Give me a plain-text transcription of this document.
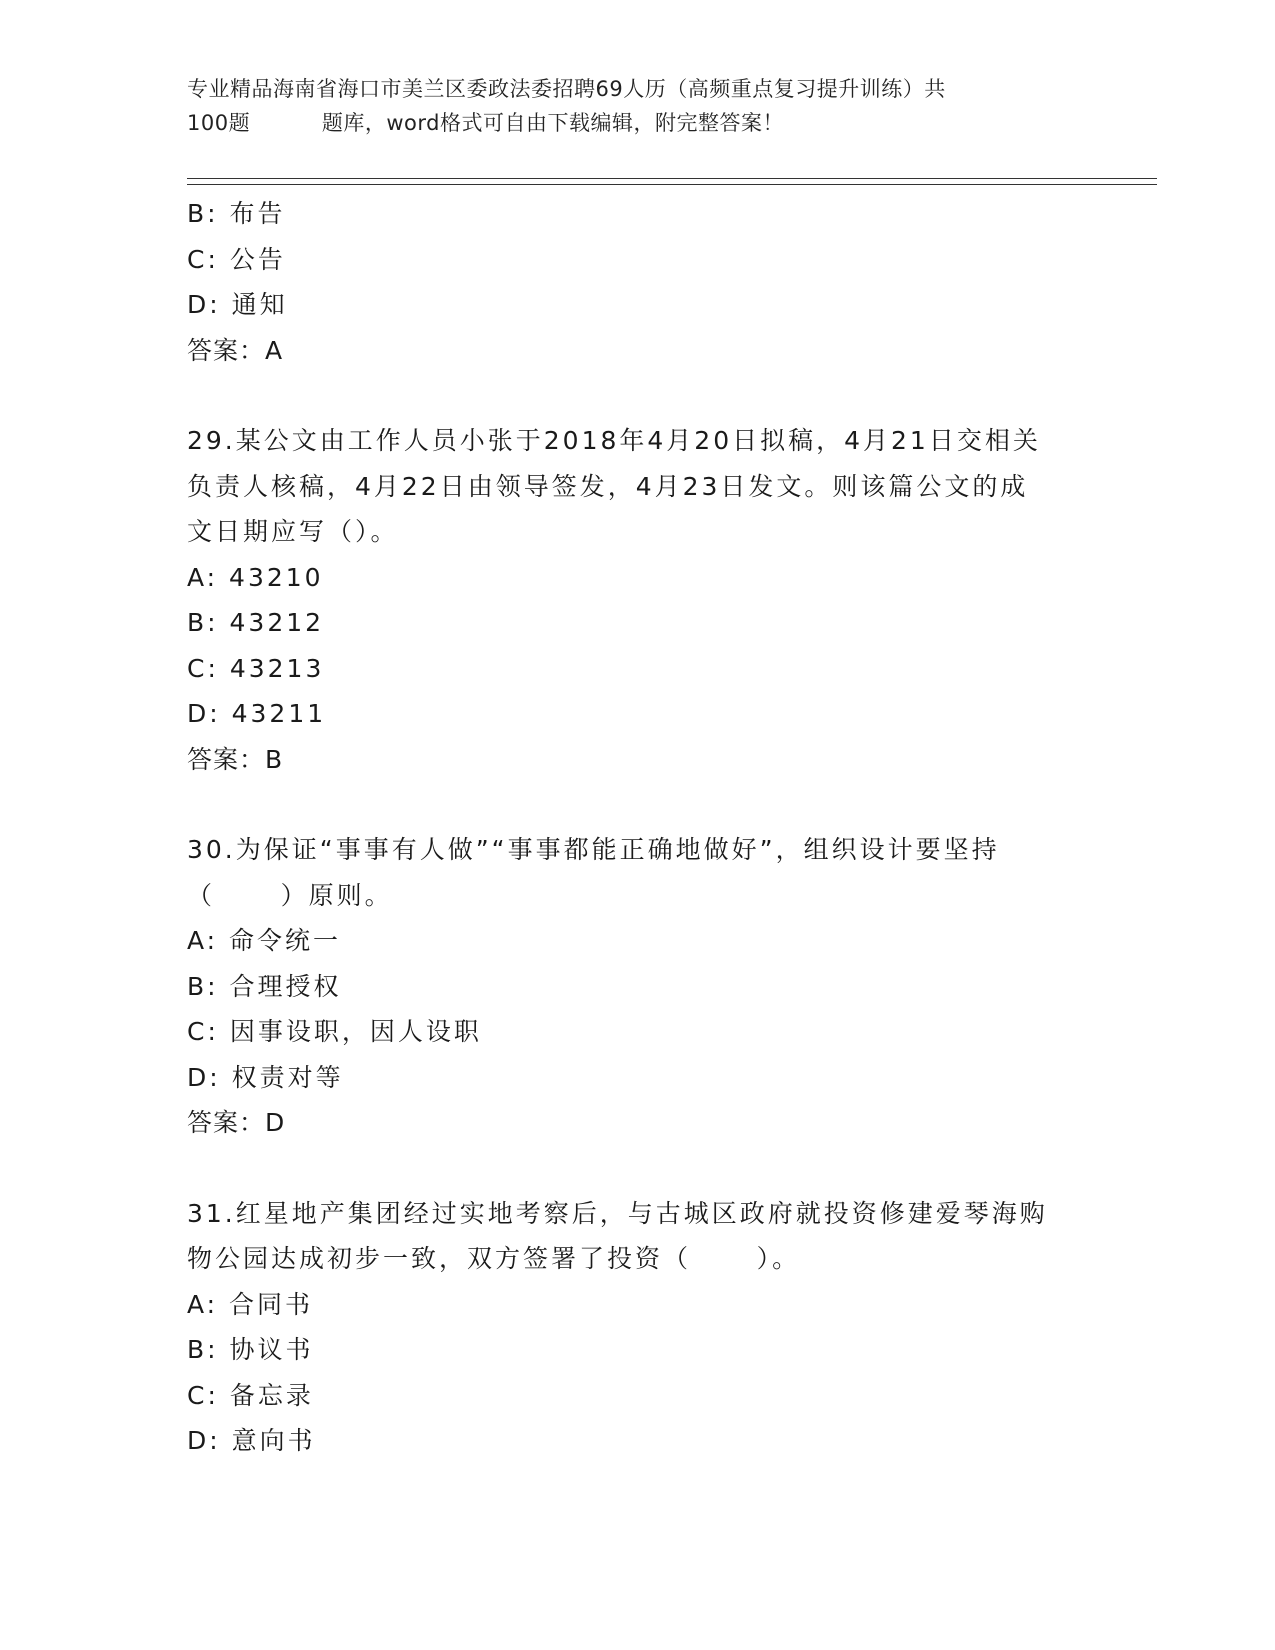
专业精品海南省海口市美兰区委政法委招聘69人历（高频重点复习提升训练）共
100题          题库，word格式可自由下载编辑，附完整答案！
B: 布告
C: 公告
D: 通知
答案：A
29.某公文由工作人员小张于2018年4月20日拟稿，4月21日交相关
负责人核稿，4月22日由领导签发，4月23日发文。则该篇公文的成
文日期应写（）。
A: 43210
B: 43212
C: 43213
D: 43211
答案：B
30.为保证“事事有人做”“事事都能正确地做好”，组织设计要坚持
（      ）原则。
A: 命令统一
B: 合理授权
C: 因事设职，因人设职
D: 权责对等
答案：D
31.红星地产集团经过实地考察后，与古城区政府就投资修建爱琴海购
物公园达成初步一致，双方签署了投资（      ）。
A: 合同书
B: 协议书
C: 备忘录
D: 意向书
